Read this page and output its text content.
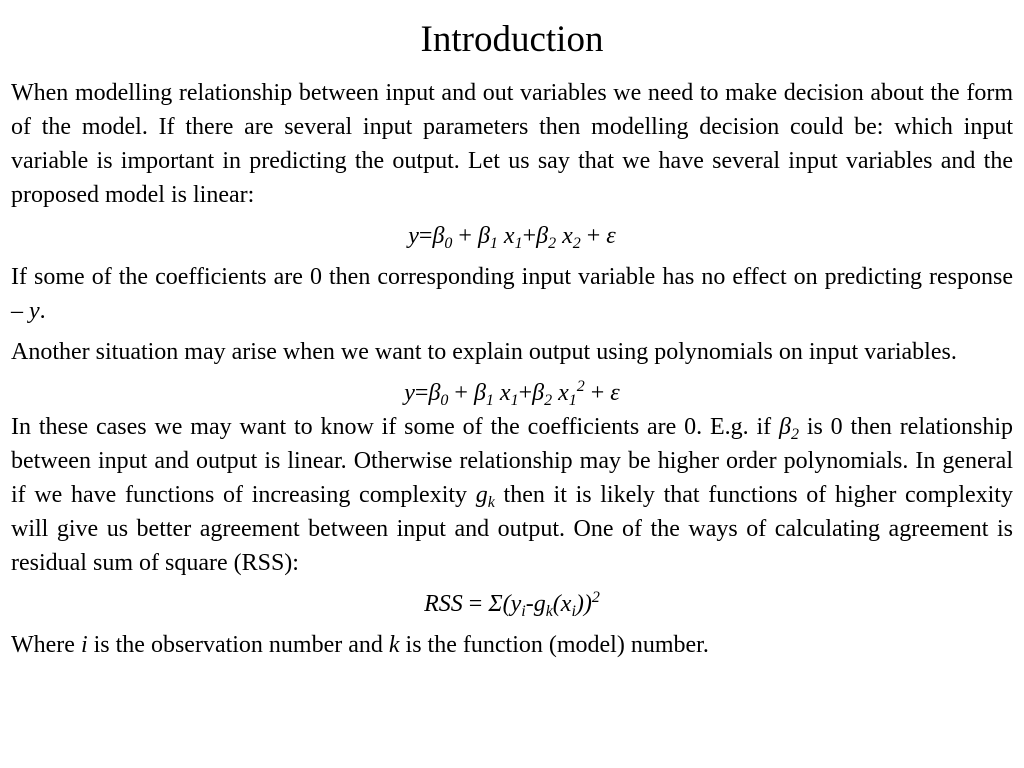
Introduction

When modelling relationship between input and out variables we need to make decision about the form of the model. If there are several input parameters then modelling decision could be: which input variable is important in predicting the output. Let us say that we have several input variables and the proposed model is linear:

$y=\beta_0 + \beta_1$ $x_1+\beta_2$ $x_2 + \varepsilon$

If some of the coefficients are 0 then corresponding input variable has no effect on predicting response – y.

Another situation may arise when we want to explain output using polynomials on input variables.

$y=\beta_0 + \beta_1$ $x_1+\beta_2$ $x_1^2 + \varepsilon$

In these cases we may want to know if some of the coefficients are 0. E.g. if $\beta_2$ is 0 then relationship between input and output is linear. Otherwise relationship may be higher order polynomials. In general if we have functions of increasing complexity $g_k$ then it is likely that functions of higher complexity will give us better agreement between input and output. One of the ways of calculating agreement is residual sum of square (RSS):

RSS = $\Sigma(y_i-g_k(x_i))^2$

Where i is the observation number and k is the function (model) number.
